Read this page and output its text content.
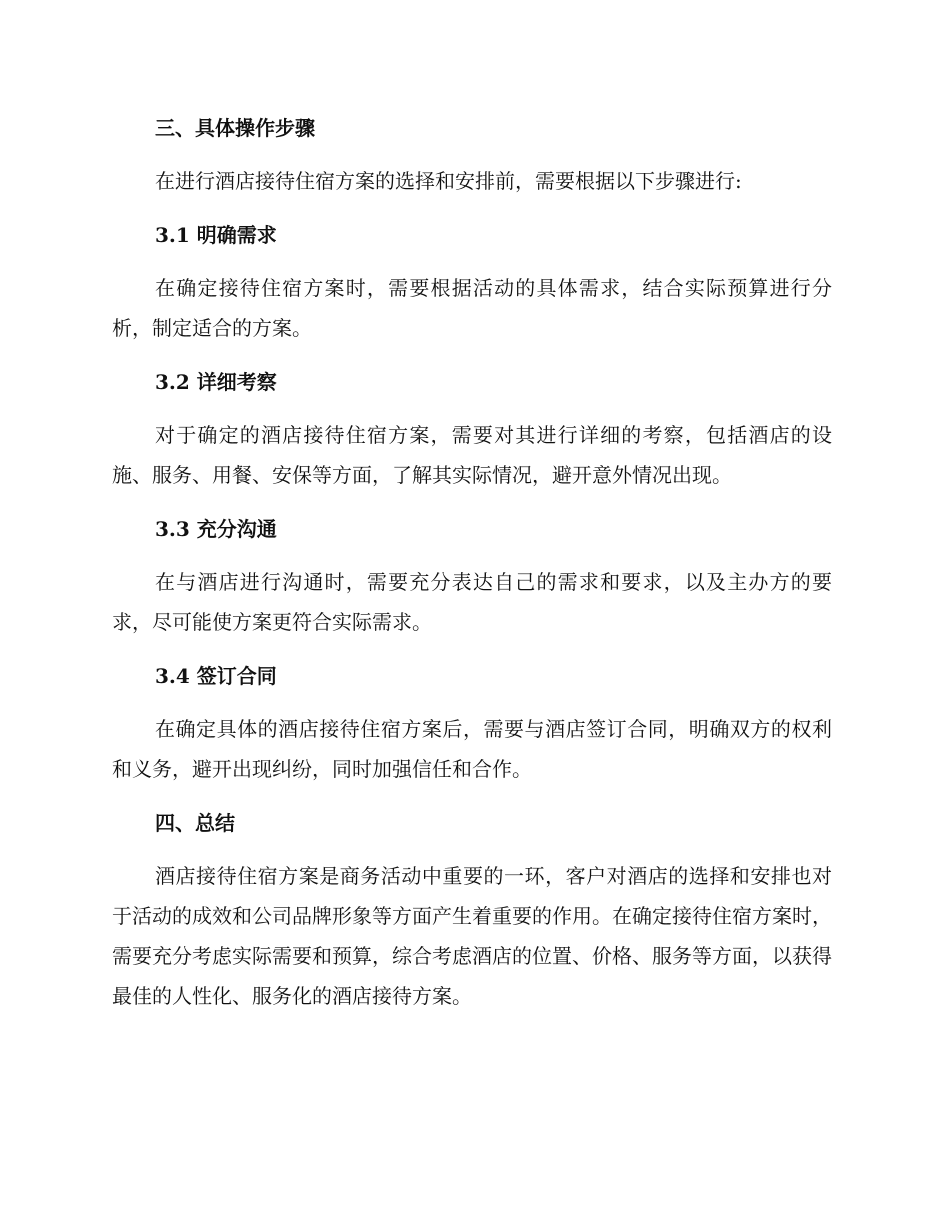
三、具体操作步骤

在进行酒店接待住宿方案的选择和安排前，需要根据以下步骤进行:

3.1 明确需求

在确定接待住宿方案时，需要根据活动的具体需求，结合实际预算进行分析，制定适合的方案。

3.2 详细考察

对于确定的酒店接待住宿方案，需要对其进行详细的考察，包括酒店的设施、服务、用餐、安保等方面，了解其实际情况，避开意外情况出现。

3.3 充分沟通

在与酒店进行沟通时，需要充分表达自己的需求和要求，以及主办方的要求，尽可能使方案更符合实际需求。

3.4 签订合同

在确定具体的酒店接待住宿方案后，需要与酒店签订合同，明确双方的权利和义务，避开出现纠纷，同时加强信任和合作。

四、总结

酒店接待住宿方案是商务活动中重要的一环，客户对酒店的选择和安排也对于活动的成效和公司品牌形象等方面产生着重要的作用。在确定接待住宿方案时，需要充分考虑实际需要和预算，综合考虑酒店的位置、价格、服务等方面，以获得最佳的人性化、服务化的酒店接待方案。
